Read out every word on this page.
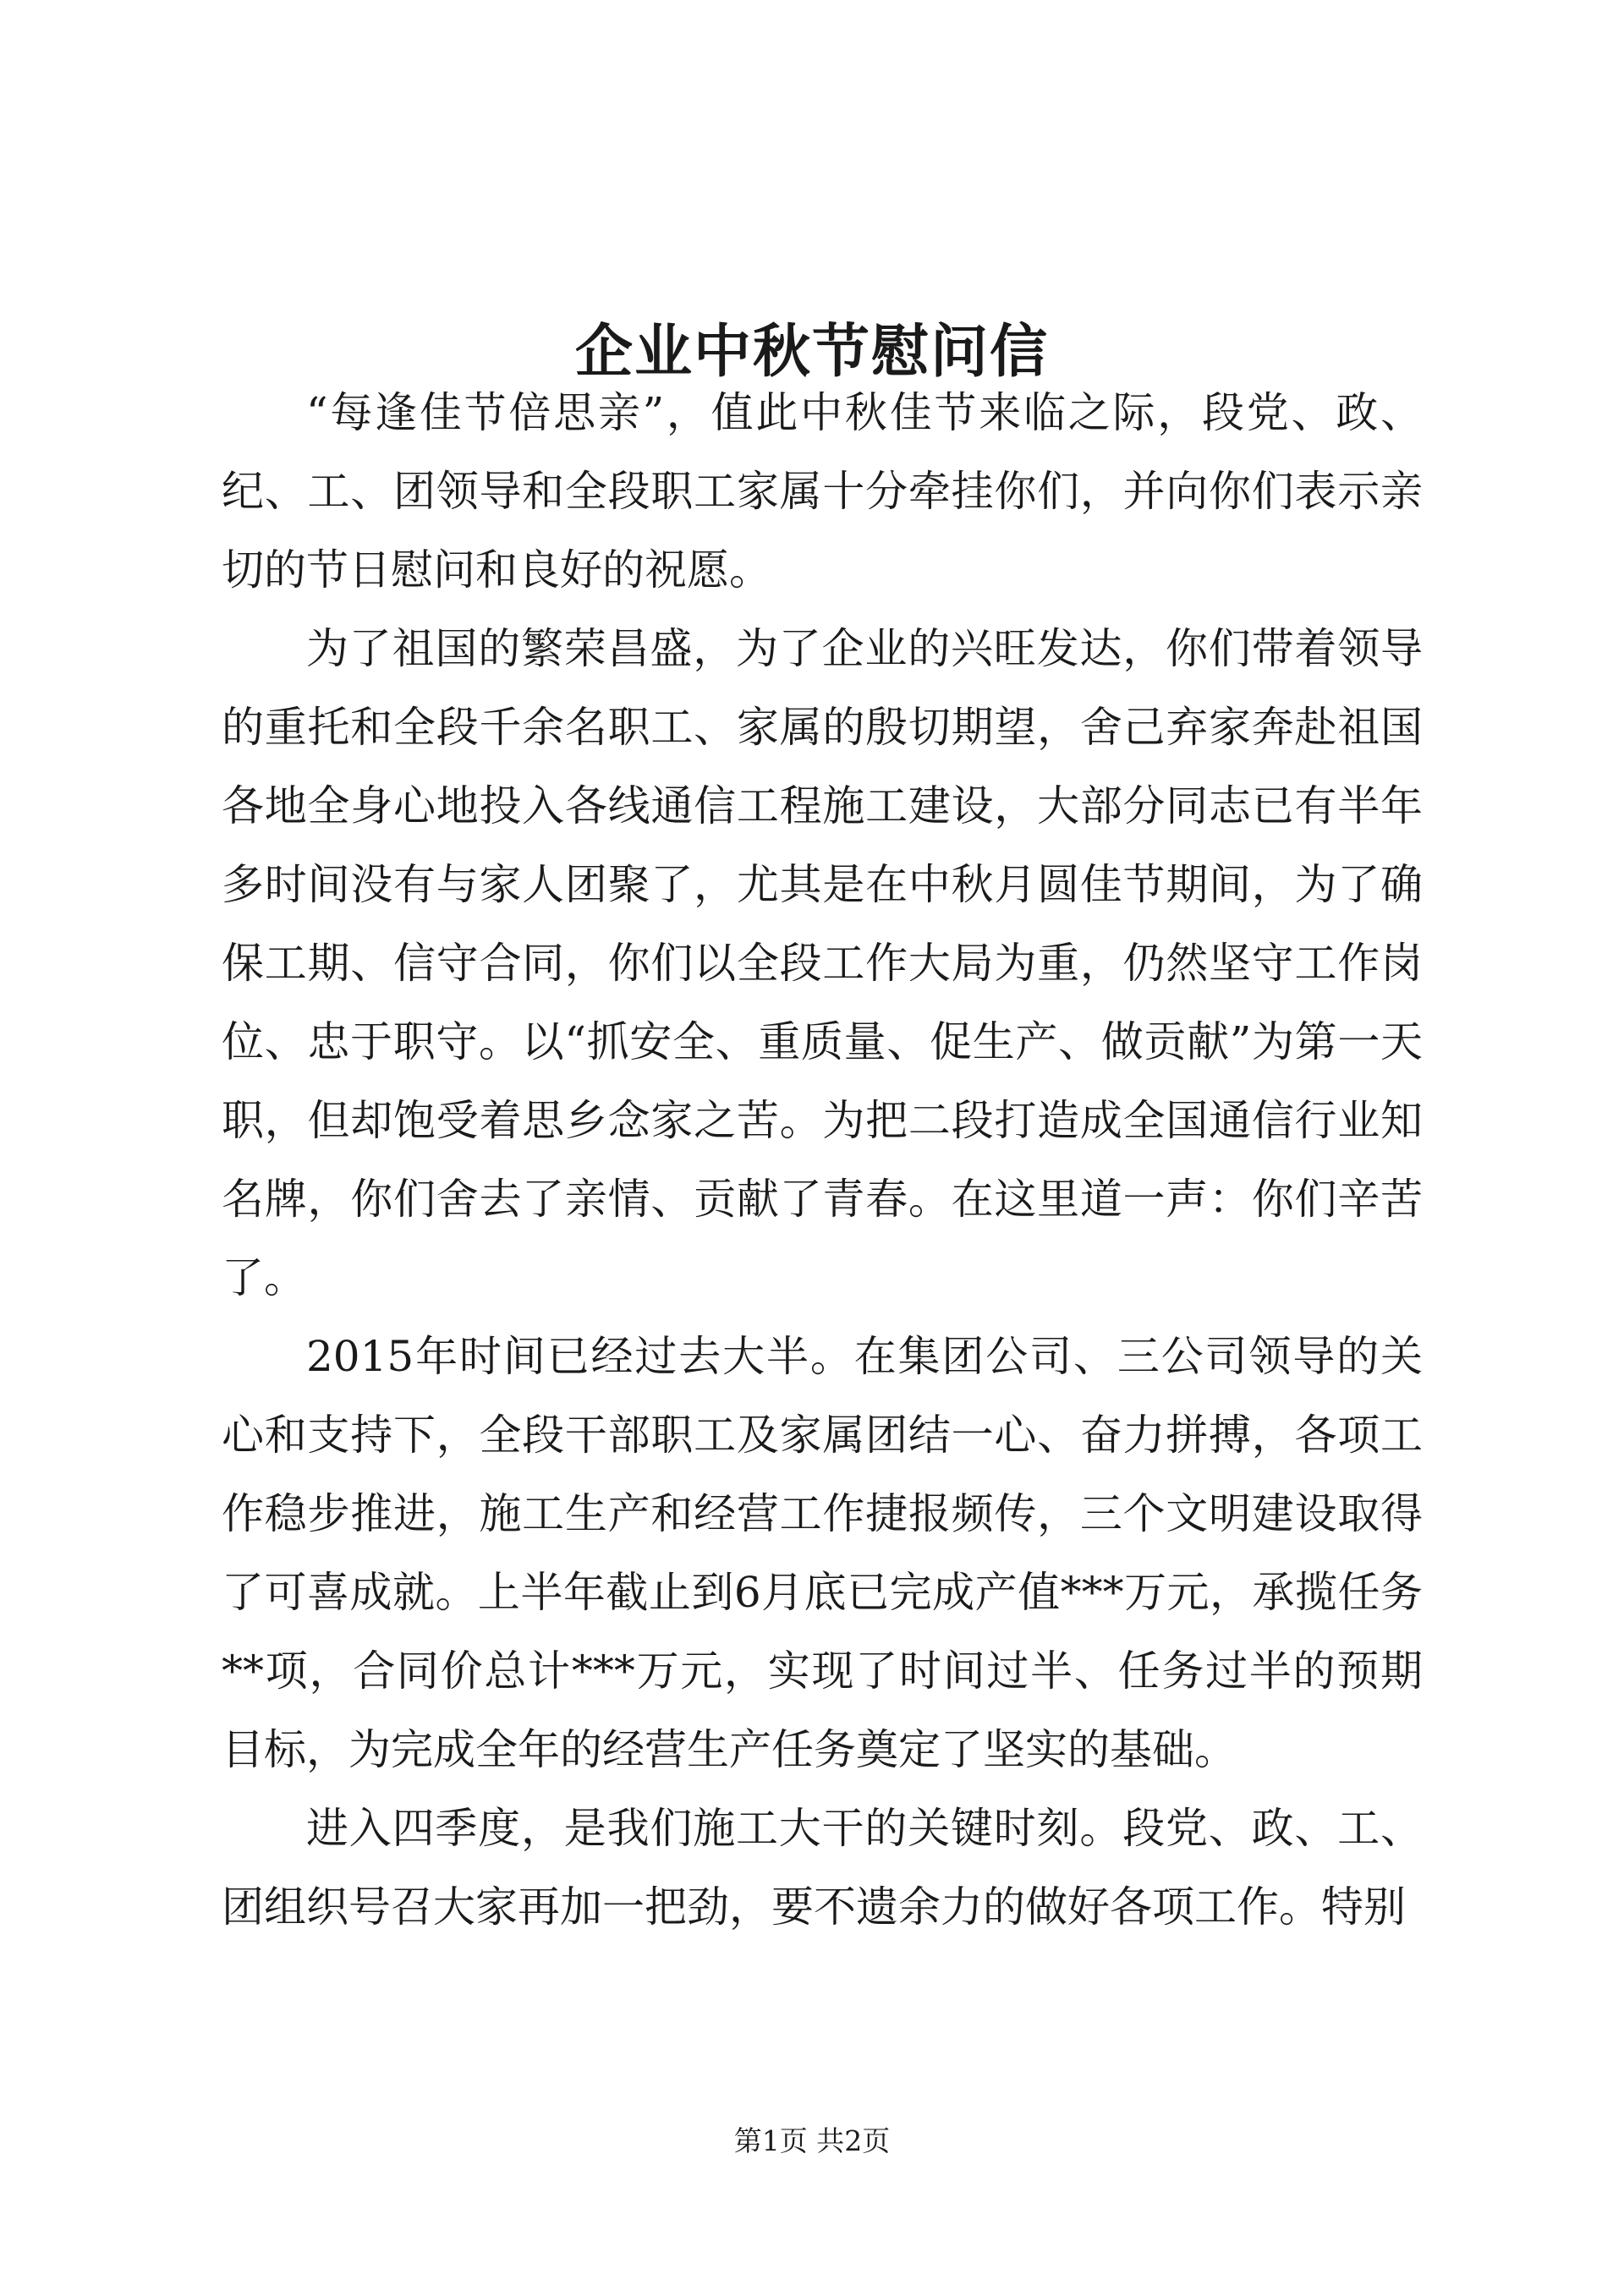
企业中秋节慰问信

“每逢佳节倍思亲”，值此中秋佳节来临之际，段党、政、纪、工、团领导和全段职工家属十分牵挂你们，并向你们表示亲切的节日慰问和良好的祝愿。

为了祖国的繁荣昌盛，为了企业的兴旺发达，你们带着领导的重托和全段千余名职工、家属的殷切期望，舍己弃家奔赴祖国各地全身心地投入各线通信工程施工建设，大部分同志已有半年多时间没有与家人团聚了，尤其是在中秋月圆佳节期间，为了确保工期、信守合同，你们以全段工作大局为重，仍然坚守工作岗位、忠于职守。以“抓安全、重质量、促生产、做贡献”为第一天职，但却饱受着思乡念家之苦。为把二段打造成全国通信行业知名牌，你们舍去了亲情、贡献了青春。在这里道一声：你们辛苦了。

2015年时间已经过去大半。在集团公司、三公司领导的关心和支持下，全段干部职工及家属团结一心、奋力拼搏，各项工作稳步推进，施工生产和经营工作捷报频传，三个文明建设取得了可喜成就。上半年截止到6月底已完成产值***万元，承揽任务**项，合同价总计***万元，实现了时间过半、任务过半的预期目标，为完成全年的经营生产任务奠定了坚实的基础。

进入四季度，是我们施工大干的关键时刻。段党、政、工、团组织号召大家再加一把劲，要不遗余力的做好各项工作。特别

第1页 共2页
